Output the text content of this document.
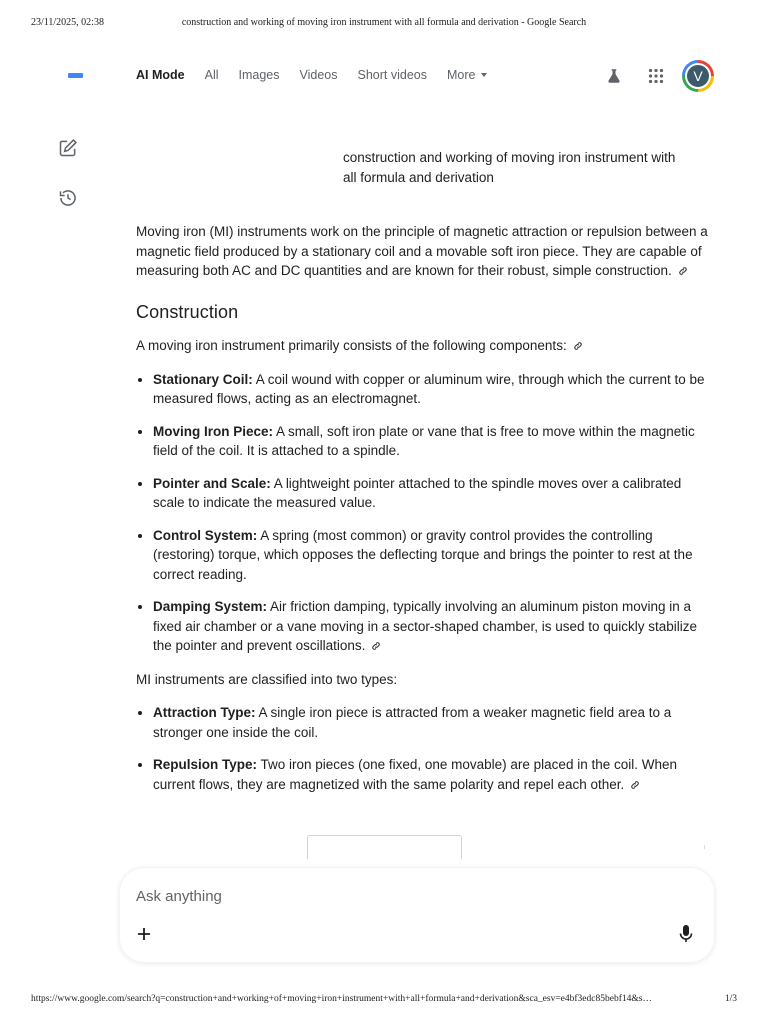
23/11/2025, 02:38	construction and working of moving iron instrument with all formula and derivation - Google Search
AI Mode All Images Videos Short videos More	V
construction and working of moving iron instrument with all formula and derivation

Moving iron (MI) instruments work on the principle of magnetic attraction or repulsion between a magnetic field produced by a stationary coil and a movable soft iron piece. They are capable of measuring both AC and DC quantities and are known for their robust, simple construction.

Construction

A moving iron instrument primarily consists of the following components:

Stationary Coil: A coil wound with copper or aluminum wire, through which the current to be measured flows, acting as an electromagnet.
Moving Iron Piece: A small, soft iron plate or vane that is free to move within the magnetic field of the coil. It is attached to a spindle.
Pointer and Scale: A lightweight pointer attached to the spindle moves over a calibrated scale to indicate the measured value.
Control System: A spring (most common) or gravity control provides the controlling (restoring) torque, which opposes the deflecting torque and brings the pointer to rest at the correct reading.
Damping System: Air friction damping, typically involving an aluminum piston moving in a fixed air chamber or a vane moving in a sector-shaped chamber, is used to quickly stabilize the pointer and prevent oscillations.

MI instruments are classified into two types:

Attraction Type: A single iron piece is attracted from a weaker magnetic field area to a stronger one inside the coil.
Repulsion Type: Two iron pieces (one fixed, one movable) are placed in the coil. When current flows, they are magnetized with the same polarity and repel each other.
Ask anything
https://www.google.com/search?q=construction+and+working+of+moving+iron+instrument+with+all+formula+and+derivation&sca_esv=e4bf3edc85bebf14&s…	1/3
